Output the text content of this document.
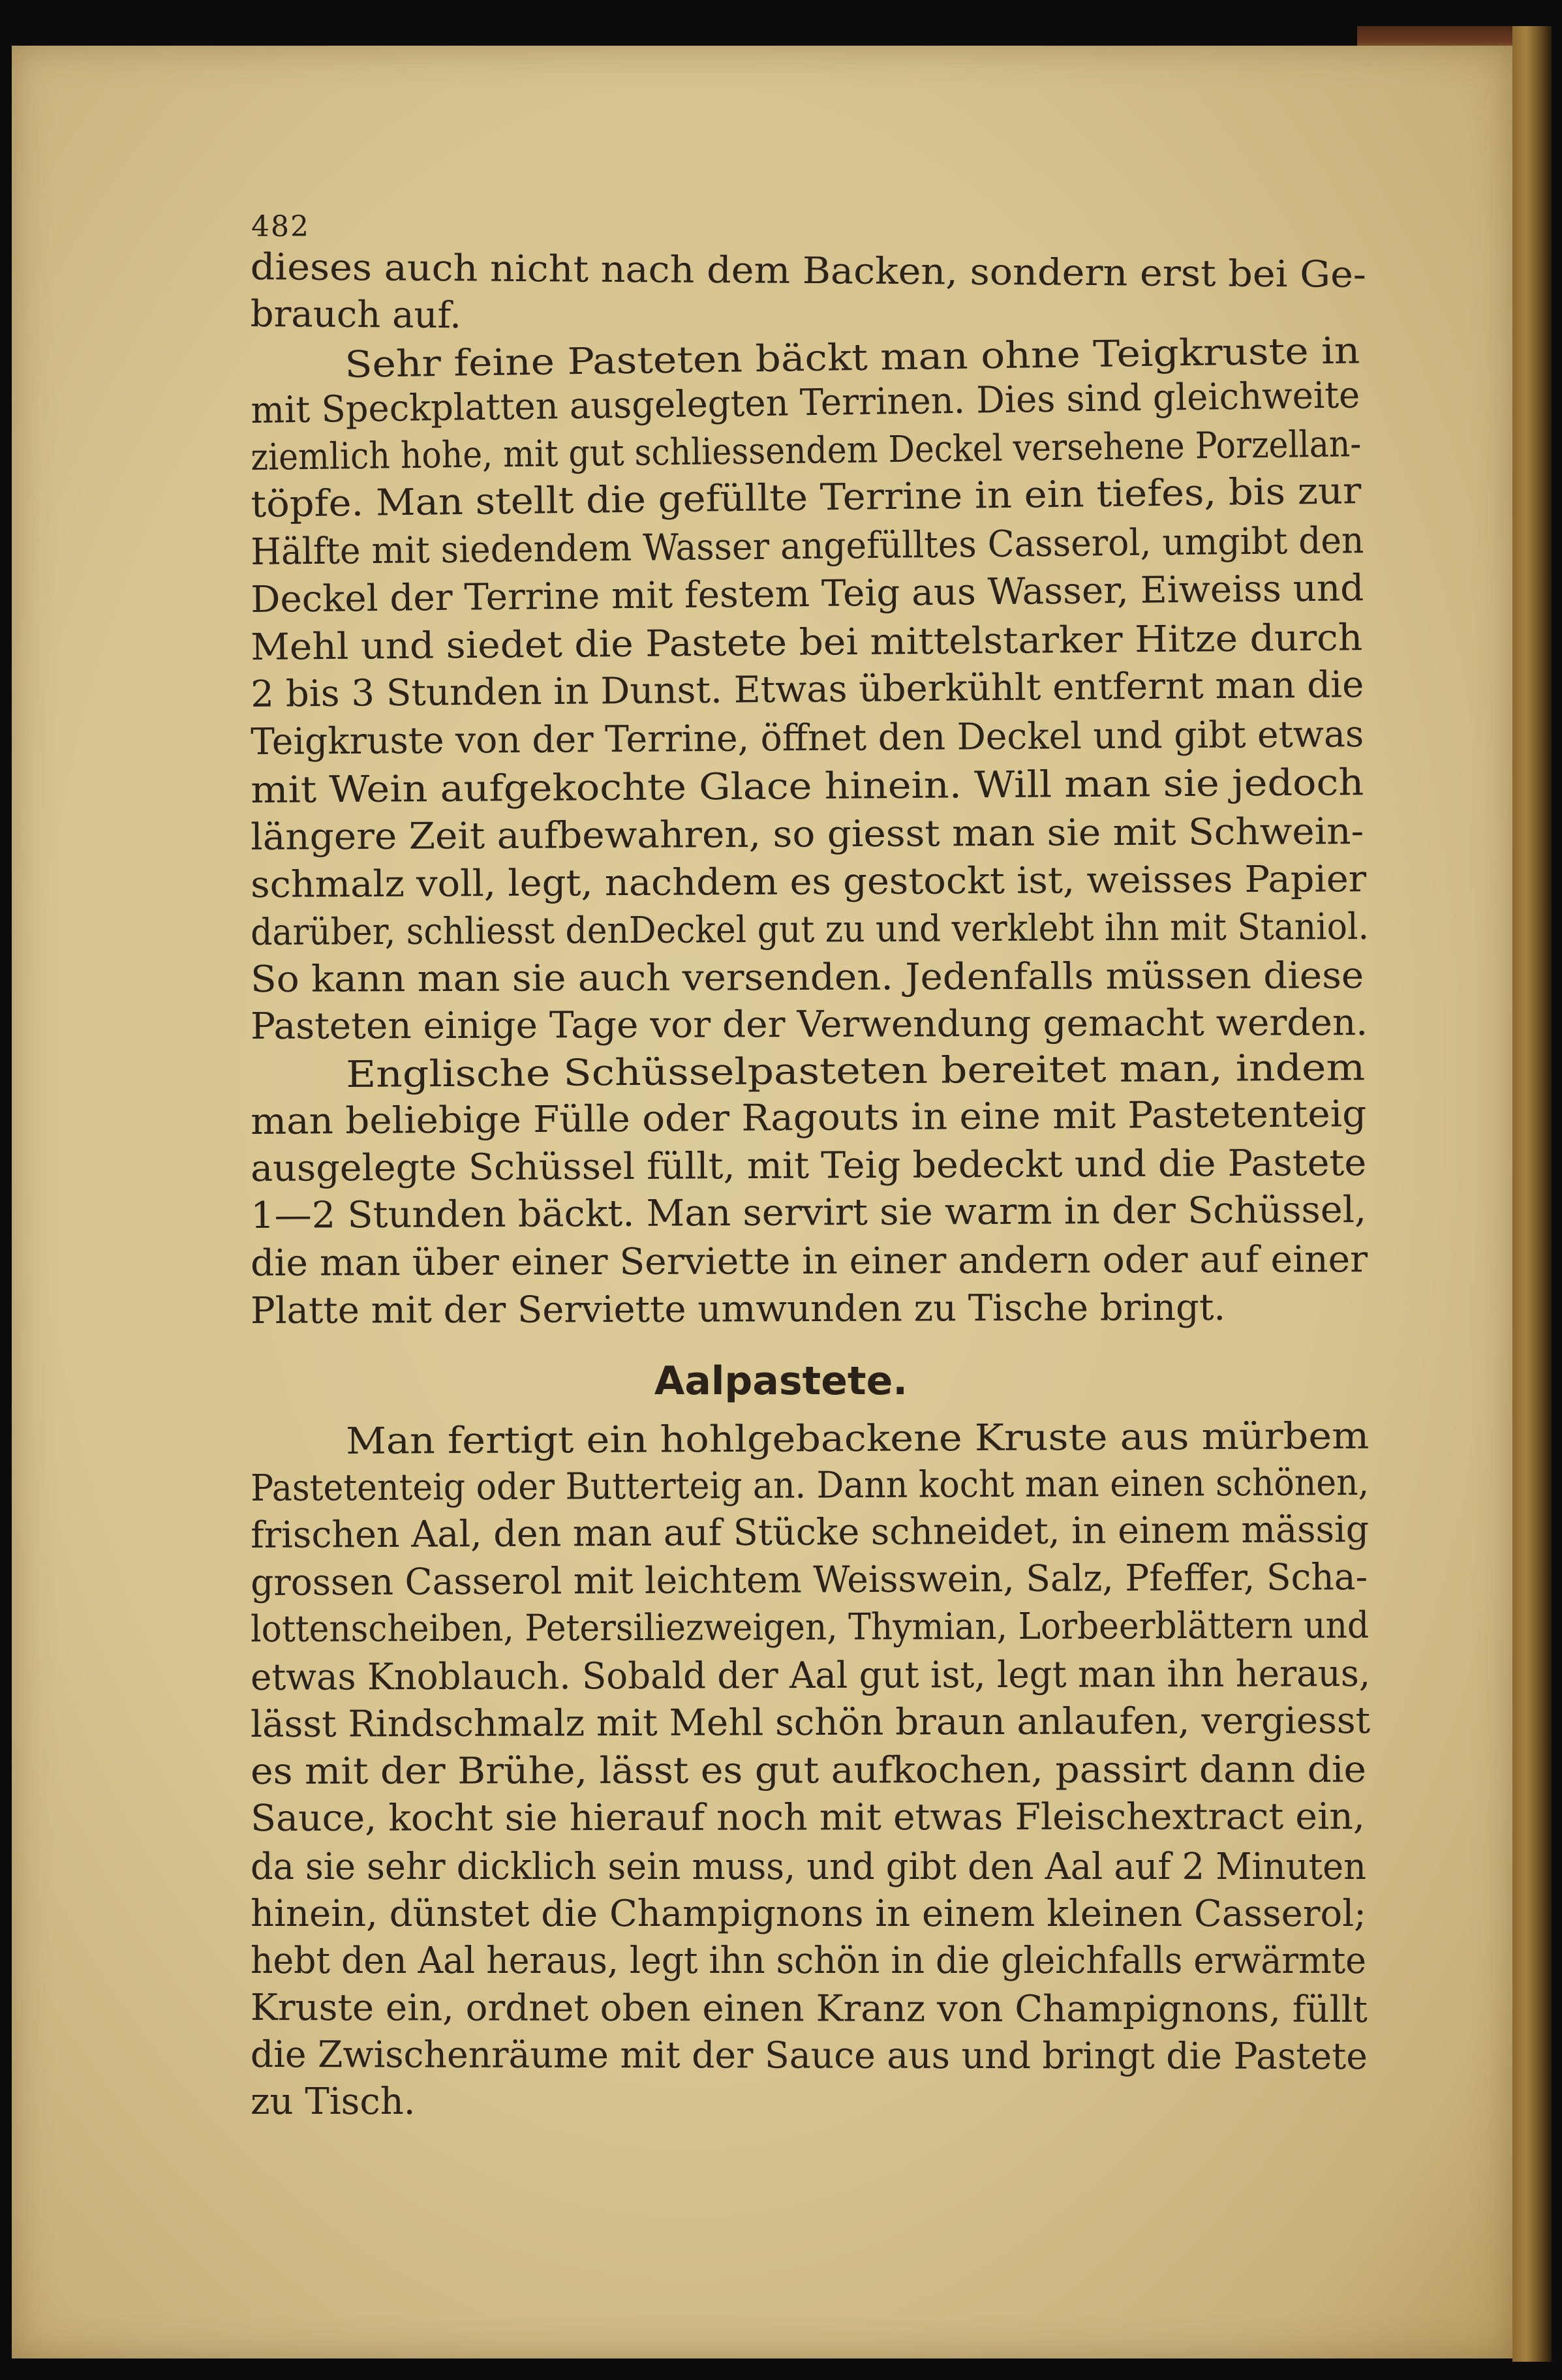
482
dieses auch nicht nach dem Backen, sondern erst bei Ge-
brauch auf.
Sehr feine Pasteten bäckt man ohne Teigkruste in
mit Speckplatten ausgelegten Terrinen. Dies sind gleichweite
ziemlich hohe, mit gut schliessendem Deckel versehene Porzellan-
töpfe. Man stellt die gefüllte Terrine in ein tiefes, bis zur
Hälfte mit siedendem Wasser angefülltes Casserol, umgibt den
Deckel der Terrine mit festem Teig aus Wasser, Eiweiss und
Mehl und siedet die Pastete bei mittelstarker Hitze durch
2 bis 3 Stunden in Dunst. Etwas überkühlt entfernt man die
Teigkruste von der Terrine, öffnet den Deckel und gibt etwas
mit Wein aufgekochte Glace hinein. Will man sie jedoch
längere Zeit aufbewahren, so giesst man sie mit Schwein-
schmalz voll, legt, nachdem es gestockt ist, weisses Papier
darüber, schliesst denDeckel gut zu und verklebt ihn mit Staniol.
So kann man sie auch versenden. Jedenfalls müssen diese
Pasteten einige Tage vor der Verwendung gemacht werden.
Englische Schüsselpasteten bereitet man, indem
man beliebige Fülle oder Ragouts in eine mit Pastetenteig
ausgelegte Schüssel füllt, mit Teig bedeckt und die Pastete
1—2 Stunden bäckt. Man servirt sie warm in der Schüssel,
die man über einer Serviette in einer andern oder auf einer
Platte mit der Serviette umwunden zu Tische bringt.
Man fertigt ein hohlgebackene Kruste aus mürbem
Pastetenteig oder Butterteig an. Dann kocht man einen schönen,
frischen Aal, den man auf Stücke schneidet, in einem mässig
grossen Casserol mit leichtem Weisswein, Salz, Pfeffer, Scha-
lottenscheiben, Petersiliezweigen, Thymian, Lorbeerblättern und
etwas Knoblauch. Sobald der Aal gut ist, legt man ihn heraus,
lässt Rindschmalz mit Mehl schön braun anlaufen, vergiesst
es mit der Brühe, lässt es gut aufkochen, passirt dann die
Sauce, kocht sie hierauf noch mit etwas Fleischextract ein,
da sie sehr dicklich sein muss, und gibt den Aal auf 2 Minuten
hinein, dünstet die Champignons in einem kleinen Casserol;
hebt den Aal heraus, legt ihn schön in die gleichfalls erwärmte
Kruste ein, ordnet oben einen Kranz von Champignons, füllt
die Zwischenräume mit der Sauce aus und bringt die Pastete
zu Tisch.
Aalpastete.
